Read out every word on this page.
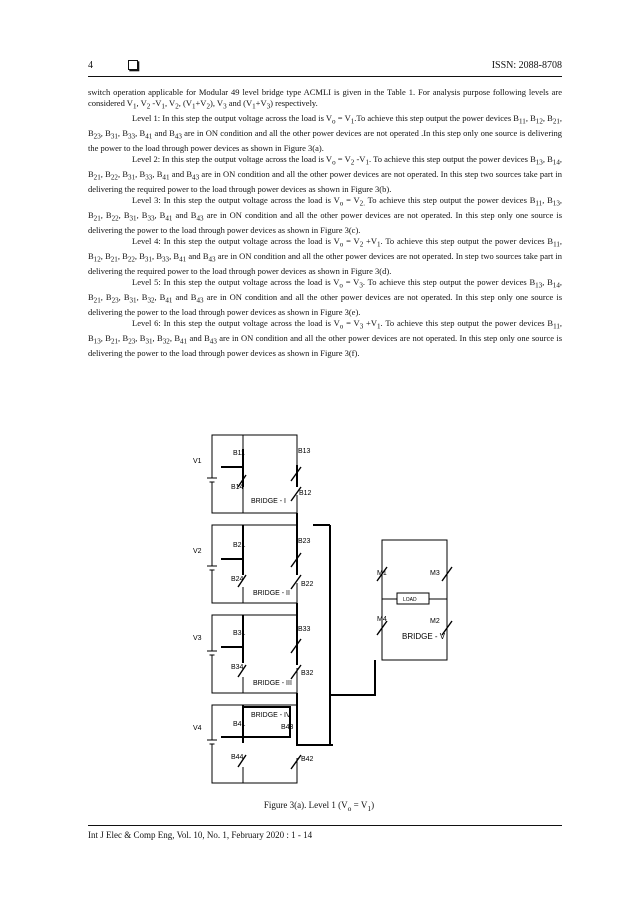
4	ISSN: 2088-8708

switch operation applicable for Modular 49 level bridge type ACMLI is given in the Table 1. For analysis purpose following levels are considered $V_1$, $V_2$ $-V_1$, $V_2$, $(V_1+V_2)$, $V_3$ and $(V_1+V_3)$ respectively.

Level 1: In this step the output voltage across the load is $V_o = V_1.To$ achieve this step output the power devices $B_{11}$, $B_{12}$, $B_{21}$, $B_{23}$, $B_{31}$, $B_{33}$, $B_{41}$ and $B_{43}$ are in ON condition and all the other power devices are not operated .In this step only one source is delivering the power to the load through power devices as shown in Figure 3(a).

Level 2: In this step the output voltage across the load is $V_o = V_2$ $-V_1$. To achieve this step output the power devices $B_{13}$, $B_{14}$, $B_{21}$, $B_{22}$, $B_{31}$, $B_{33}$, $B_{41}$ and $B_{43}$ are in ON condition and all the other power devices are not operated. In this step two sources take part in delivering the required power to the load through power devices as shown in Figure 3(b).

Level 3: In this step the output voltage across the load is $V_o = V_{2.}$ To achieve this step output the power devices $B_{11}$, $B_{13}$, $B_{21}$, $B_{22}$, $B_{31}$, $B_{33}$, $B_{41}$ and $B_{43}$ are in ON condition and all the other power devices are not operated. In this step only one source is delivering the power to the load through power devices as shown in Figure 3(c).

Level 4: In this step the output voltage across the load is $V_o = V_2 +V_1$. To achieve this step output the power devices $B_{11}$, $B_{12}$, $B_{21}$, $B_{22}$, $B_{31}$, $B_{33}$, $B_{41}$ and $B_{43}$ are in ON condition and all the other power devices are not operated. In step two sources take part in delivering the required power to the load through power devices as shown in Figure 3(d).

Level 5: In this step the output voltage across the load is $V_o = V_3$. To achieve this step output the power devices $B_{13}$, $B_{14}$, $B_{21}$, $B_{23}$, $B_{31}$, $B_{32}$, $B_{41}$ and $B_{43}$ are in ON condition and all the other power devices are not operated. In this step only one source is delivering the power to the load through power devices as shown in Figure 3(e).

Level 6: In this step the output voltage across the load is $V_o = V_3 +V_1$. To achieve this step output the power devices $B_{11}$, $B_{13}$, $B_{21}$, $B_{23}$, $B_{31}$, $B_{32}$, $B_{41}$ and $B_{43}$ are in ON condition and all the other power devices are not operated. In this step only one source is delivering the power to the load through power devices as shown in Figure 3(f).

V1
V2
V3
V4
B11	B13
B14
B12
BRIDGE - I
B21
B23
B24
B22
BRIDGE - II
B31
B33
B34
B32
BRIDGE - III
BRIDGE - IV
B41	B43
B44	B42
M1	M3
M4	M2
LOAD
BRIDGE - V
Figure 3(a). Level 1 $(V_o = V_1)$
Int J Elec & Comp Eng, Vol. 10, No. 1, February 2020 : 1 - 14
